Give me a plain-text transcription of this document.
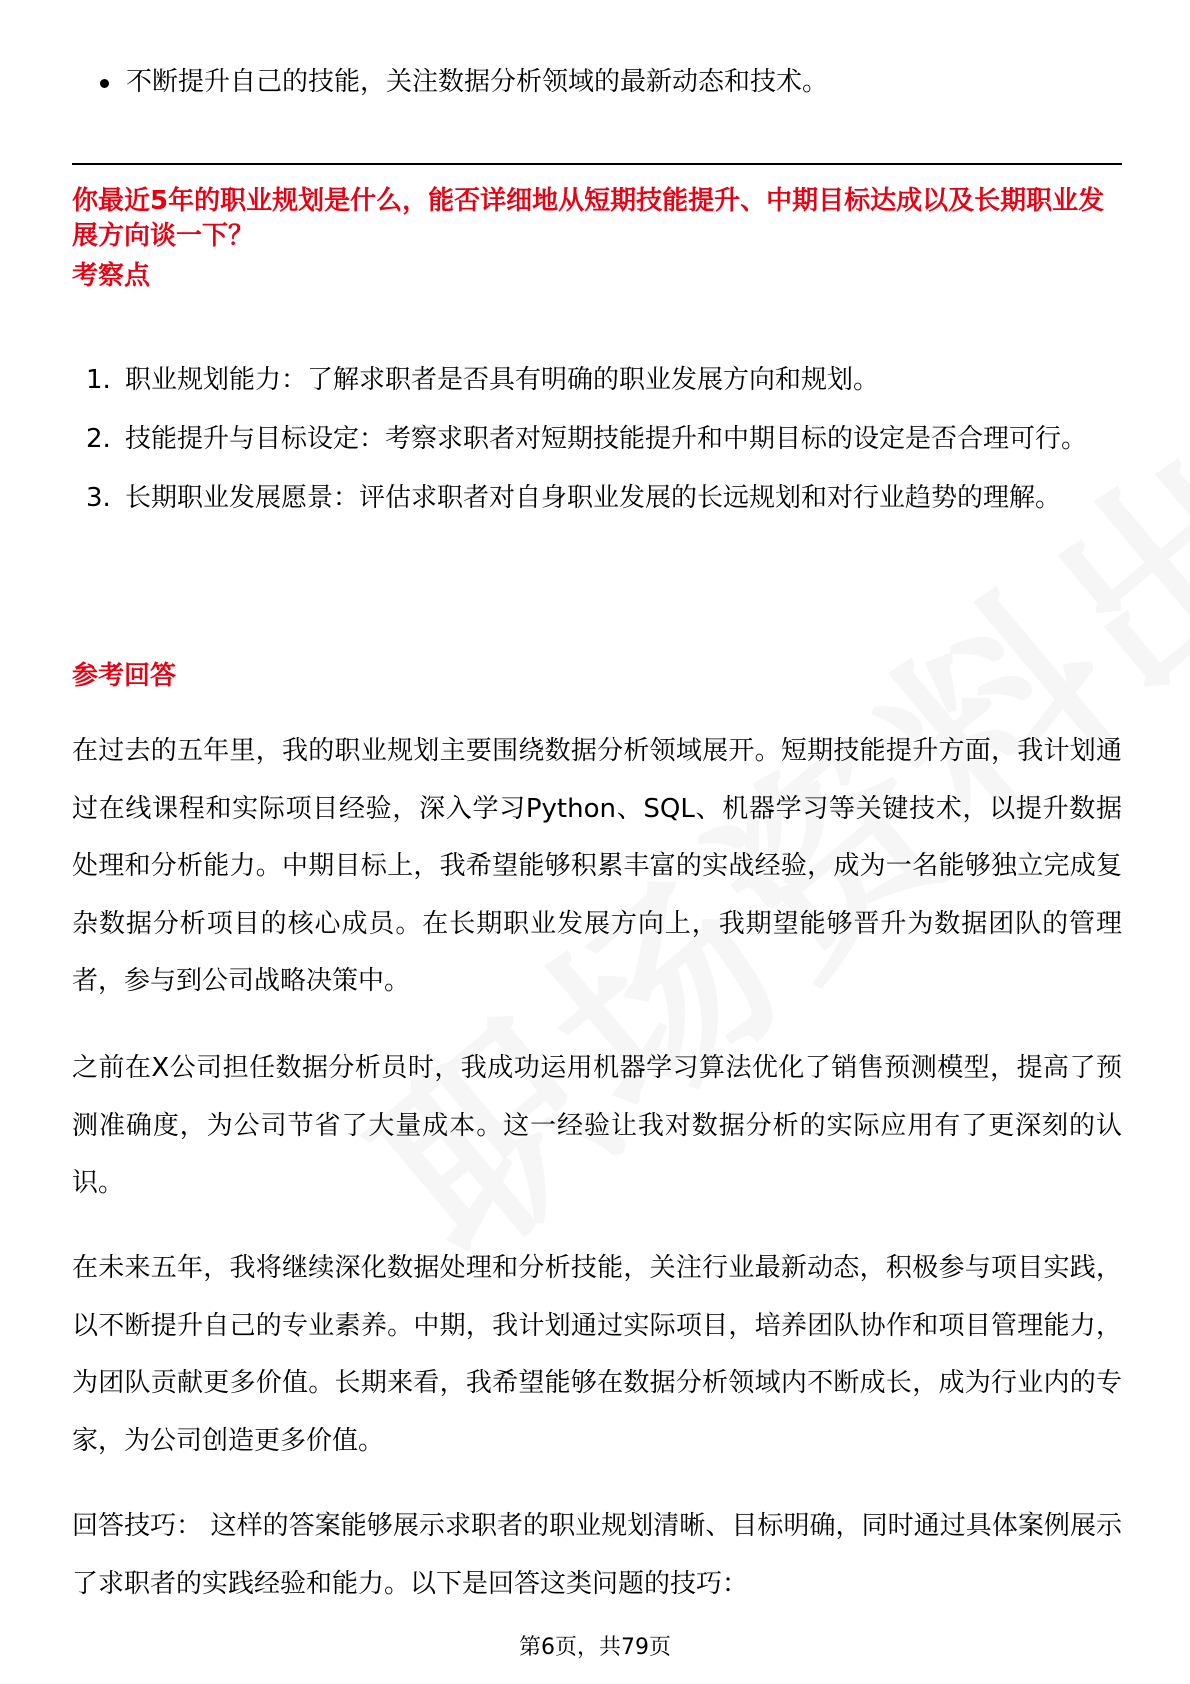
不断提升自己的技能，关注数据分析领域的最新动态和技术。
你最近5年的职业规划是什么，能否详细地从短期技能提升、中期目标达成以及长期职业发展方向谈一下？
考察点
1. 职业规划能力：了解求职者是否具有明确的职业发展方向和规划。
2. 技能提升与目标设定：考察求职者对短期技能提升和中期目标的设定是否合理可行。
3. 长期职业发展愿景：评估求职者对自身职业发展的长远规划和对行业趋势的理解。
参考回答
在过去的五年里，我的职业规划主要围绕数据分析领域展开。短期技能提升方面，我计划通过在线课程和实际项目经验，深入学习Python、SQL、机器学习等关键技术，以提升数据处理和分析能力。中期目标上，我希望能够积累丰富的实战经验，成为一名能够独立完成复杂数据分析项目的核心成员。在长期职业发展方向上，我期望能够晋升为数据团队的管理者，参与到公司战略决策中。
之前在X公司担任数据分析员时，我成功运用机器学习算法优化了销售预测模型，提高了预测准确度，为公司节省了大量成本。这一经验让我对数据分析的实际应用有了更深刻的认识。
在未来五年，我将继续深化数据处理和分析技能，关注行业最新动态，积极参与项目实践，以不断提升自己的专业素养。中期，我计划通过实际项目，培养团队协作和项目管理能力，为团队贡献更多价值。长期来看，我希望能够在数据分析领域内不断成长，成为行业内的专家，为公司创造更多价值。
回答技巧： 这样的答案能够展示求职者的职业规划清晰、目标明确，同时通过具体案例展示了求职者的实践经验和能力。以下是回答这类问题的技巧：
第6页，共79页
